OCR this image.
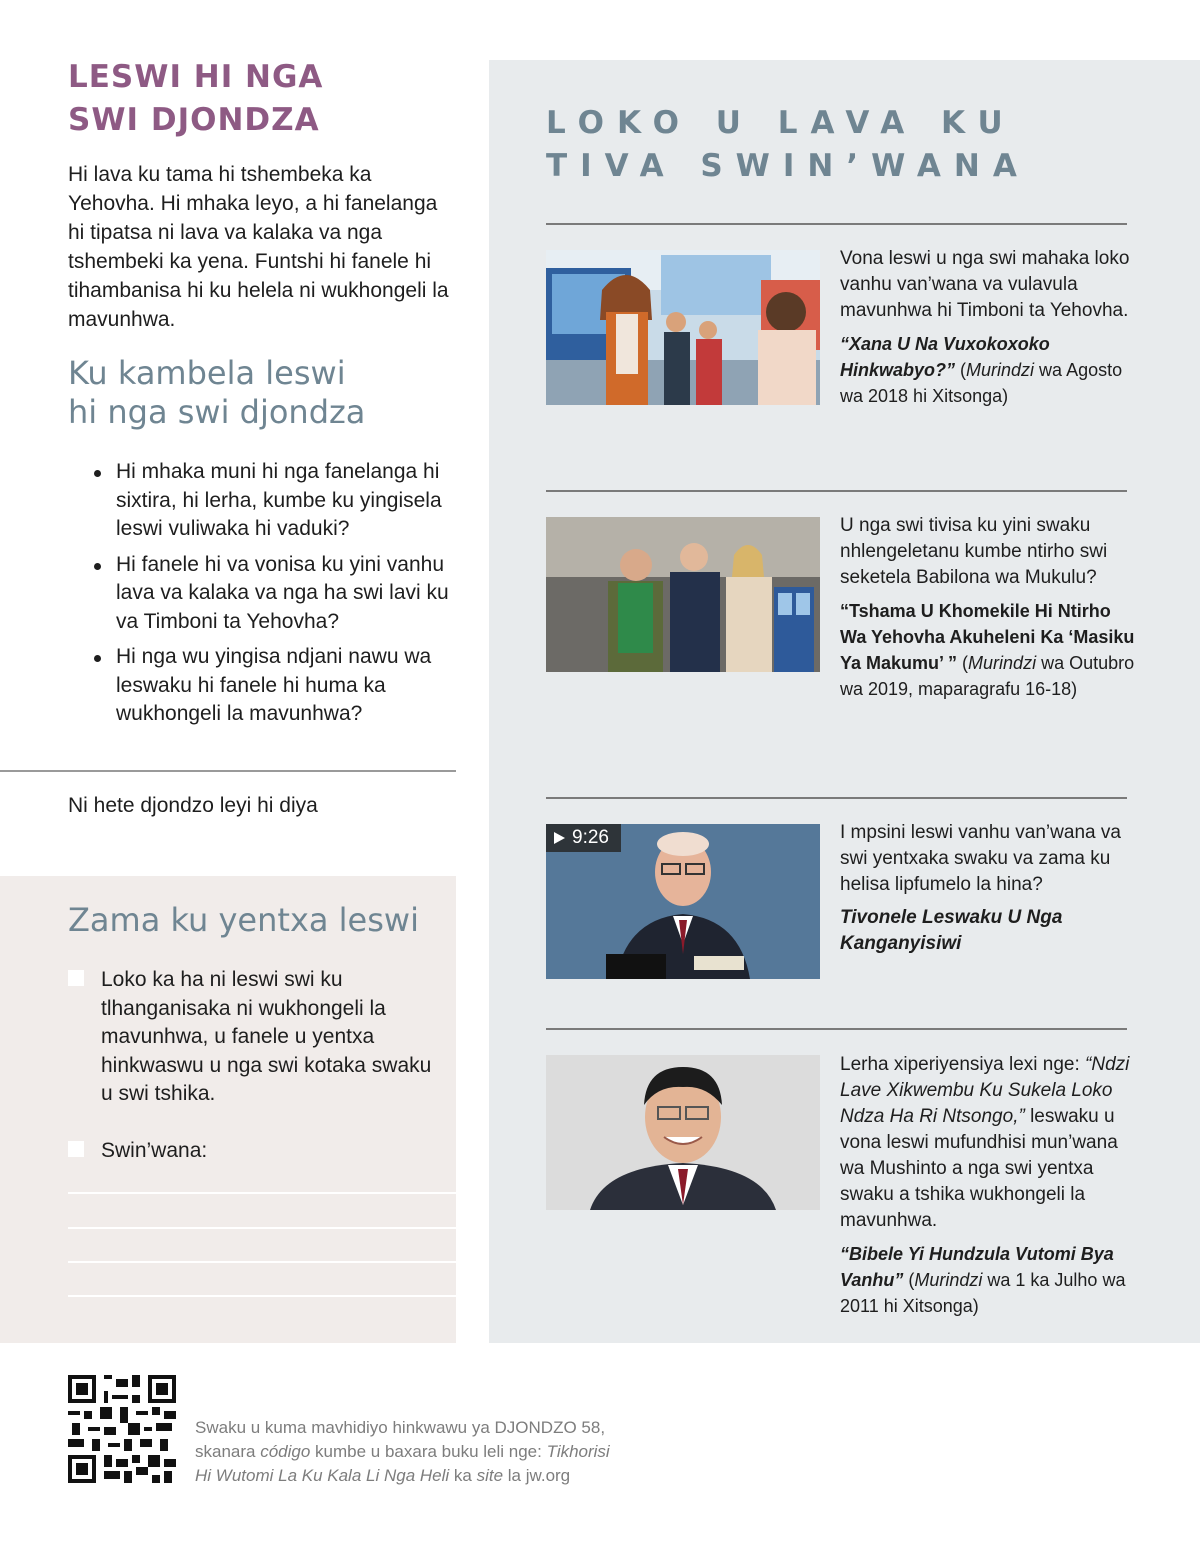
LESWI HI NGA
SWI DJONDZA

Hi lava ku tama hi tshembeka ka Yehovha. Hi mhaka leyo, a hi fanelanga hi tipatsa ni lava va kalaka va nga tshembeki ka yena. Funtshi hi fanele hi tihambanisa hi ku helela ni wukhongeli la mavunhwa.

Ku kambela leswi
hi nga swi djondza
Hi mhaka muni hi nga fanelanga hi sixtira, hi lerha, kumbe ku yingisela leswi vuliwaka hi vaduki?
Hi fanele hi va vonisa ku yini vanhu lava va kalaka va nga ha swi lavi ku va Timboni ta Yehovha?
Hi nga wu yingisa ndjani nawu wa leswaku hi fanele hi huma ka wukhongeli la mavunhwa?
Ni hete djondzo leyi hi diya
Zama ku yentxa leswi
Loko ka ha ni leswi swi ku tlhanganisaka ni wukhongeli la mavunhwa, u fanele u yentxa hinkwaswu u nga swi kotaka swaku u swi tshika.
Swin’wana:
LOKO U LAVA KU
TIVA SWIN’WANA

Vona leswi u nga swi mahaka loko vanhu van’wana va vulavula mavunhwa hi Timboni ta Yehovha.

“Xana U Na Vuxokoxoko Hinkwabyo?” (Murindzi wa Agosto wa 2018 hi Xitsonga)

U nga swi tivisa ku yini swaku nhlengeletanu kumbe ntirho swi seketela Babilona wa Mukulu?

“Tshama U Khomekile Hi Ntirho Wa Yehovha Akuheleni Ka ‘Masiku Ya Makumu’ ” (Murindzi wa Outubro wa 2019, maparagrafu 16-18)

9:26	I mpsini leswi vanhu van’wana va swi yentxaka swaku va zama ku helisa lipfumelo la hina?

Tivonele Leswaku U Nga Kanganyisiwi

Lerha xiperiyensiya lexi nge: “Ndzi Lave Xikwembu Ku Sukela Loko Ndza Ha Ri Ntsongo,” leswaku u vona leswi mufundhisi mun’wana wa Mushinto a nga swi yentxa swaku a tshika wukhongeli la mavunhwa.

“Bibele Yi Hundzula Vutomi Bya Vanhu” (Murindzi wa 1 ka Julho wa 2011 hi Xitsonga)

Swaku u kuma mavhidiyo hinkwawu ya DJONDZO 58,

skanara código kumbe u baxara buku leli nge: Tikhorisi

Hi Wutomi La Ku Kala Li Nga Heli ka site la jw.org
